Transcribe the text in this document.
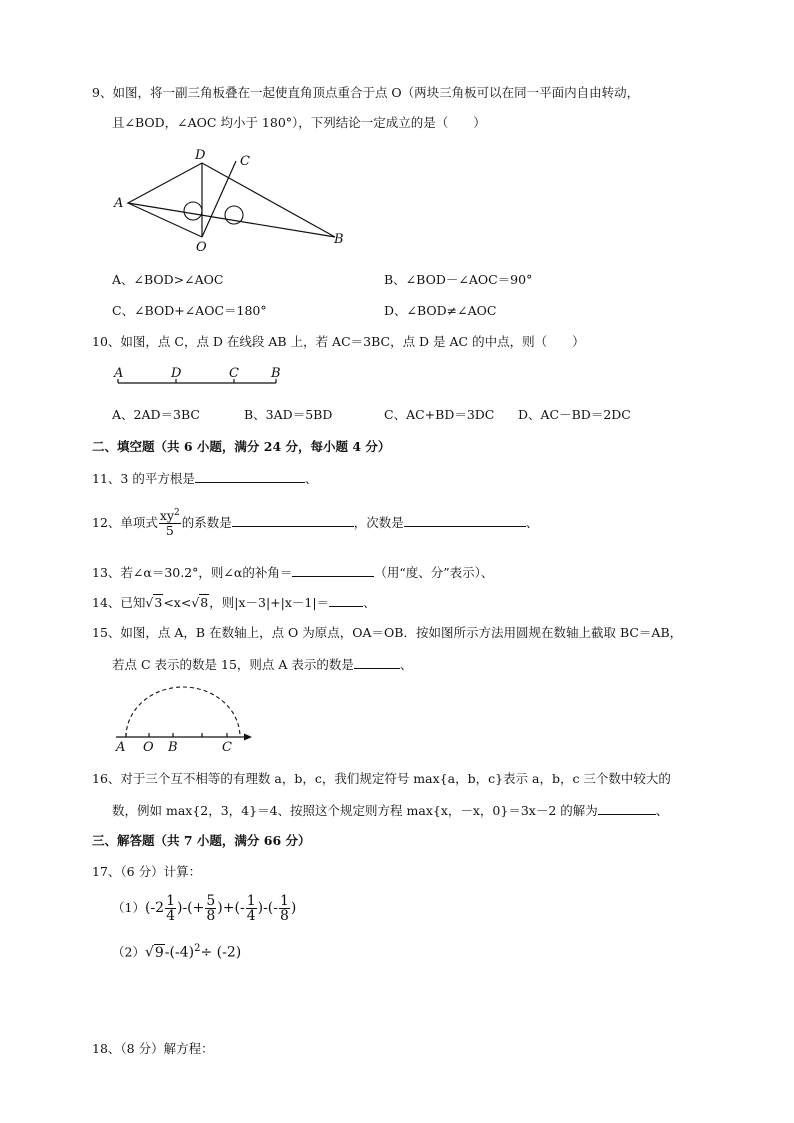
9、如图，将一副三角板叠在一起使直角顶点重合于点 O（两块三角板可以在同一平面内自由转动，
且∠BOD，∠AOC 均小于 180°），下列结论一定成立的是（　　）
A
D	C
O
B
A、∠BOD>∠AOC	B、∠BOD－∠AOC＝90°
C、∠BOD+∠AOC＝180°	D、∠BOD≠∠AOC
10、如图，点 C，点 D 在线段 AB 上，若 AC＝3BC，点 D 是 AC 的中点，则（　　）
A	D	C B
A、2AD＝3BC	B、3AD＝5BD	C、AC+BD＝3DC D、AC－BD＝2DC
二、填空题（共 6 小题，满分 24 分，每小题 4 分）
11、3 的平方根是	、
12、单项式 $\frac{xy^2}{5}$ 的系数是	，次数是	、
13、若∠α＝30.2°，则∠α的补角＝	（用“度、分”表示）、
14、已知√3<x<√8，则|x－3|+|x－1|＝	、
15、如图，点 A，B 在数轴上，点 O 为原点，OA＝OB．按如图所示方法用圆规在数轴上截取 BC＝AB，
若点 C 表示的数是 15，则点 A 表示的数是	、
A O B	C
16、对于三个互不相等的有理数 a，b，c，我们规定符号 max{a，b，c}表示 a，b，c 三个数中较大的
数，例如 max{2，3，4}＝4、按照这个规定则方程 max{x，－x，0}＝3x－2 的解为	、
三、解答题（共 7 小题，满分 66 分）
17、（6 分）计算：
$(1)(-2 \frac{1}{4}$ )-(+ $\frac{5}{8}$ )+(- $\frac{1}{4}$ )-(- $\frac{1}{8}$ )
$(2)√9-(-4)^2\div (-2)$
18、（8 分）解方程：
